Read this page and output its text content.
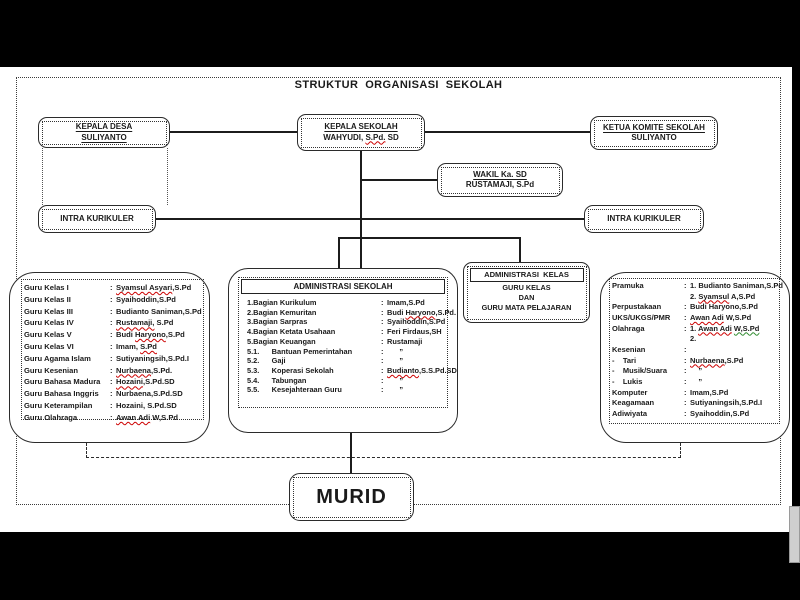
STRUKTUR  ORGANISASI  SEKOLAH
KEPALA DESA
SULIYANTO
KEPALA SEKOLAH
WAHYUDI, S.Pd. SD
KETUA KOMITE SEKOLAH
SULIYANTO
WAKIL Ka. SD
RUSTAMAJI, S.Pd
INTRA KURIKULER	INTRA KURIKULER
Guru Kelas I	: Syamsul Asyari,S.Pd
Guru Kelas II	: Syaihoddin,S.Pd
Guru Kelas III	: Budianto Saniman,S.Pd
Guru Kelas IV	: Rustamaji, S.Pd
Guru Kelas V	: Budi Haryono,S.Pd
Guru Kelas VI	: Imam, S.Pd
Guru Agama Islam	: Sutiyaningsih,S.Pd.I
Guru Kesenian	: Nurbaena,S.Pd.
Guru Bahasa Madura	: Hozaini,S.Pd.SD
Guru Bahasa Inggris	: Nurbaena,S.Pd.SD
Guru Keterampilan	: Hozaini, S.Pd.SD
Guru Olahraga	: Awan Adi W,S.Pd
ADMINISTRASI SEKOLAH
1.Bagian Kurikulum	: Imam,S.Pd
2.Bagian Kemuritan	: Budi Haryono,S.Pd.
3.Bagian Sarpras	: Syaihoddin,S.Pd
4.Bagian Ketata Usahaan	: Feri Firdaus,SH
5.Bagian Keuangan	: Rustamaji
5.1.      Bantuan Pemerintahan	: ”
5.2.      Gaji	: ”
5.3.      Koperasi Sekolah	: Budianto,S.S.Pd.SD
5.4.      Tabungan	: ”
5.5.      Kesejahteraan Guru	: ”
ADMINISTRASI  KELAS
GURU KELAS
DAN
GURU MATA PELAJARAN
Pramuka	: 1. Budianto Saniman,S.Pd
2. Syamsul A,S.Pd
Perpustakaan	: Budi Haryono,S.Pd
UKS/UKGS/PMR	: Awan Adi W,S.Pd
Olahraga	: 1. Awan Adi W,S.Pd
2.
Kesenian	:
-    Tari	: Nurbaena,S.Pd
-    Musik/Suara	: ”
-    Lukis	: ”
Komputer	: Imam,S.Pd
Keagamaan	: Sutiyaningsih,S.Pd.I
Adiwiyata	: Syaihoddin,S.Pd
MURID
